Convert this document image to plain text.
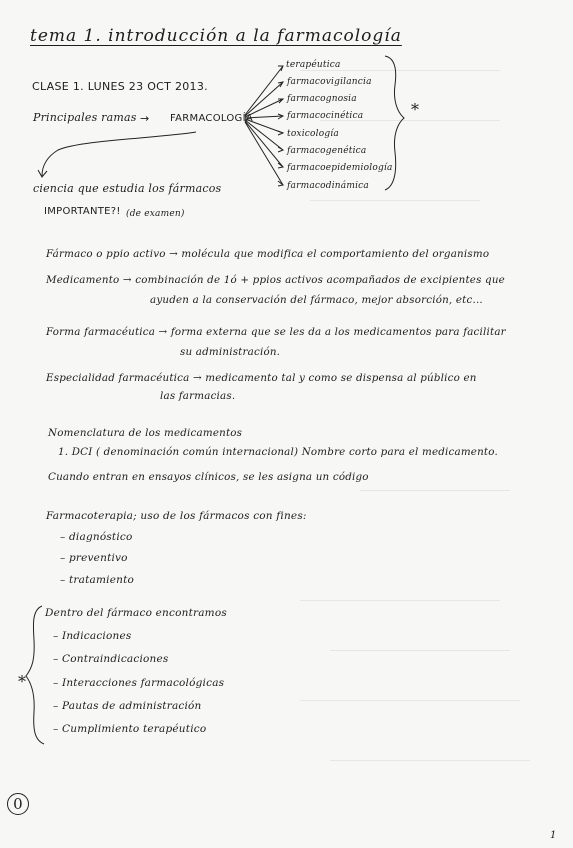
tema 1. introducción a la farmacología
CLASE 1. LUNES 23 OCT 2013.
Principales ramas → FARMACOLOGÍA
terapéutica
farmacovigilancia
farmacognosia
farmacocinética
toxicología
farmacogenética
farmacoepidemiología
farmacodinámica
*
ciencia que estudia los fármacos
IMPORTANTE?! (de examen)
Fármaco o ppio activo → molécula que modifica el comportamiento del organismo
Medicamento → combinación de 1ó + ppios activos acompañados de excipientes que
ayuden a la conservación del fármaco, mejor absorción, etc...
Forma farmacéutica → forma externa que se les da a los medicamentos para facilitar
su administración.
Especialidad farmacéutica → medicamento tal y como se dispensa al público en
las farmacias.
Nomenclatura de los medicamentos
1. DCI ( denominación común internacional) Nombre corto para el medicamento.
Cuando entran en ensayos clínicos, se les asigna un código
Farmacoterapia; uso de los fármacos con fines:
– diagnóstico
– preventivo
– tratamiento
Dentro del fármaco encontramos
– Indicaciones
– Contraindicaciones
– Interacciones farmacológicas
– Pautas de administración
– Cumplimiento terapéutico
*
0
1
